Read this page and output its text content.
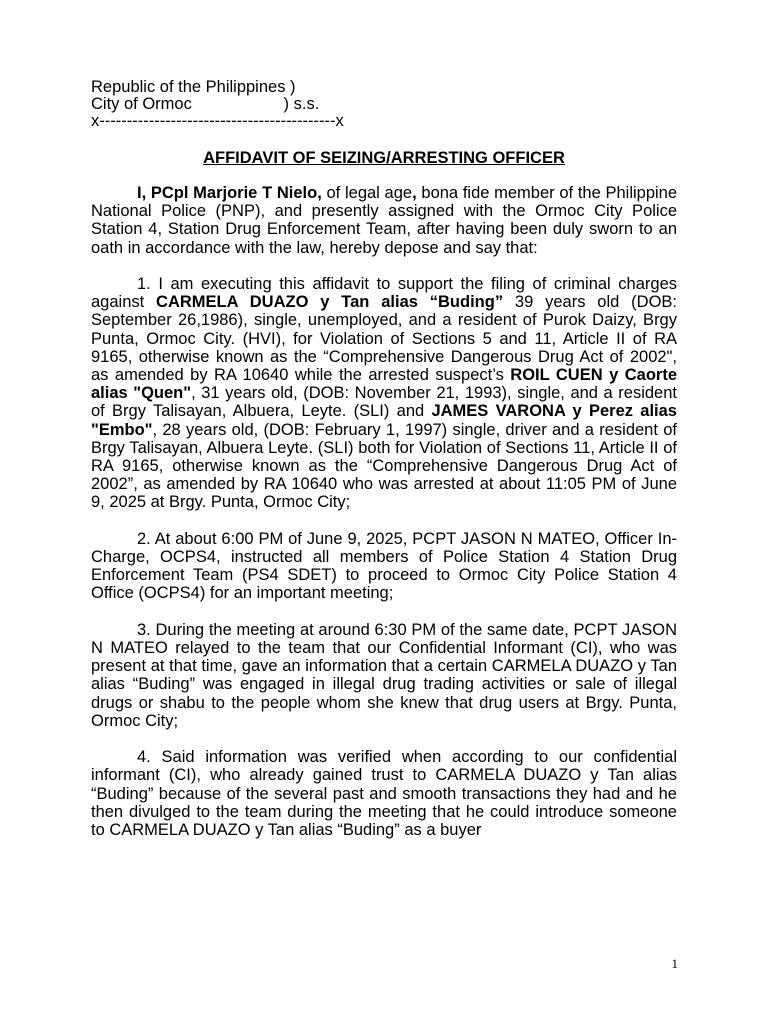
Republic of the Philippines )
City of Ormoc                    ) s.s.
x-------------------------------------------x
AFFIDAVIT OF SEIZING/ARRESTING OFFICER

I, PCpl Marjorie T Nielo, of legal age, bona fide member of the Philippine National Police (PNP), and presently assigned with the Ormoc City Police Station 4, Station Drug Enforcement Team, after having been duly sworn to an oath in accordance with the law, hereby depose and say that:

1. I am executing this affidavit to support the filing of criminal charges against CARMELA DUAZO y Tan alias “Buding” 39 years old (DOB: September 26,1986), single, unemployed, and a resident of Purok Daizy, Brgy Punta, Ormoc City. (HVI), for Violation of Sections 5 and 11, Article II of RA 9165, otherwise known as the “Comprehensive Dangerous Drug Act of 2002", as amended by RA 10640 while the arrested suspect’s ROIL CUEN y Caorte alias "Quen", 31 years old, (DOB: November 21, 1993), single, and a resident of Brgy Talisayan, Albuera, Leyte. (SLI) and JAMES VARONA y Perez alias "Embo", 28 years old, (DOB: February 1, 1997) single, driver and a resident of Brgy Talisayan, Albuera Leyte. (SLI) both for Violation of Sections 11, Article II of RA 9165, otherwise known as the “Comprehensive Dangerous Drug Act of 2002”, as amended by RA 10640 who was arrested at about 11:05 PM of June 9, 2025 at Brgy. Punta, Ormoc City;

2. At about 6:00 PM of June 9, 2025, PCPT JASON N MATEO, Officer In-Charge, OCPS4, instructed all members of Police Station 4 Station Drug Enforcement Team (PS4 SDET) to proceed to Ormoc City Police Station 4 Office (OCPS4) for an important meeting;

3. During the meeting at around 6:30 PM of the same date, PCPT JASON N MATEO relayed to the team that our Confidential Informant (CI), who was present at that time, gave an information that a certain CARMELA DUAZO y Tan alias “Buding” was engaged in illegal drug trading activities or sale of illegal drugs or shabu to the people whom she knew that drug users at Brgy. Punta, Ormoc City;

4. Said information was verified when according to our confidential informant (CI), who already gained trust to CARMELA DUAZO y Tan alias “Buding” because of the several past and smooth transactions they had and he then divulged to the team during the meeting that he could introduce someone to CARMELA DUAZO y Tan alias “Buding” as a buyer

1
